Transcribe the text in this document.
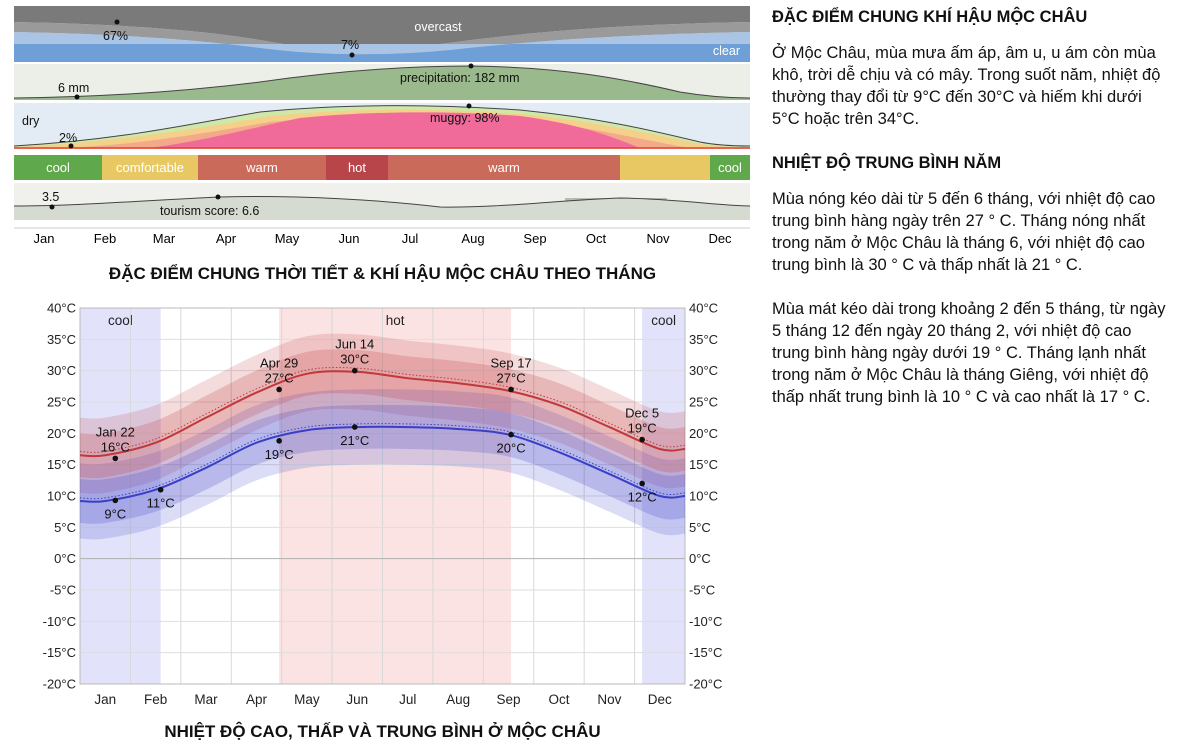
67%
7%
overcast
clear
6 mm
precipitation: 182 mm
dry
2%
muggy: 98%
cool	comfortable	warm	hot	warm	cool
3.5
tourism score: 6.6
Jan	Feb	Mar	Apr	May	Jun	Jul	Aug	Sep	Oct	Nov	Dec
ĐẶC ĐIỂM CHUNG THỜI TIẾT & KHÍ HẬU MỘC CHÂU THEO THÁNG
cool	hot	cool
16°C
Jan 22
9°C
11°C
27°C
Apr 29
19°C
30°C
Jun 14
21°C
27°C
Sep 17
20°C
19°C
Dec 5
12°C
40°C	40°C
35°C	35°C
30°C	30°C
25°C	25°C
20°C	20°C
15°C	15°C
10°C	10°C
5°C	5°C
0°C	0°C
-5°C	-5°C
-10°C	-10°C
-15°C	-15°C
-20°C	-20°C
Jan Feb Mar Apr May Jun Jul Aug Sep Oct Nov Dec
NHIỆT ĐỘ CAO, THẤP VÀ TRUNG BÌNH Ở MỘC CHÂU
ĐẶC ĐIỂM CHUNG KHÍ HẬU MỘC CHÂU

Ở Mộc Châu, mùa mưa ấm áp, âm u, u ám còn mùa khô, trời dễ chịu và có mây. Trong suốt năm, nhiệt độ thường thay đổi từ 9°C đến 30°C và hiếm khi dưới 5°C hoặc trên 34°C.

NHIỆT ĐỘ TRUNG BÌNH NĂM

Mùa nóng kéo dài từ 5 đến 6 tháng, với nhiệt độ cao trung bình hàng ngày trên 27 ° C. Tháng nóng nhất trong năm ở Mộc Châu là tháng 6, với nhiệt độ cao trung bình là 30 ° C và thấp nhất là 21 ° C.

Mùa mát kéo dài trong khoảng 2 đến 5 tháng, từ ngày 5 tháng 12 đến ngày 20 tháng 2, với nhiệt độ cao trung bình hàng ngày dưới 19 ° C. Tháng lạnh nhất trong năm ở Mộc Châu là tháng Giêng, với nhiệt độ thấp nhất trung bình là 10 ° C và cao nhất là 17 ° C.
